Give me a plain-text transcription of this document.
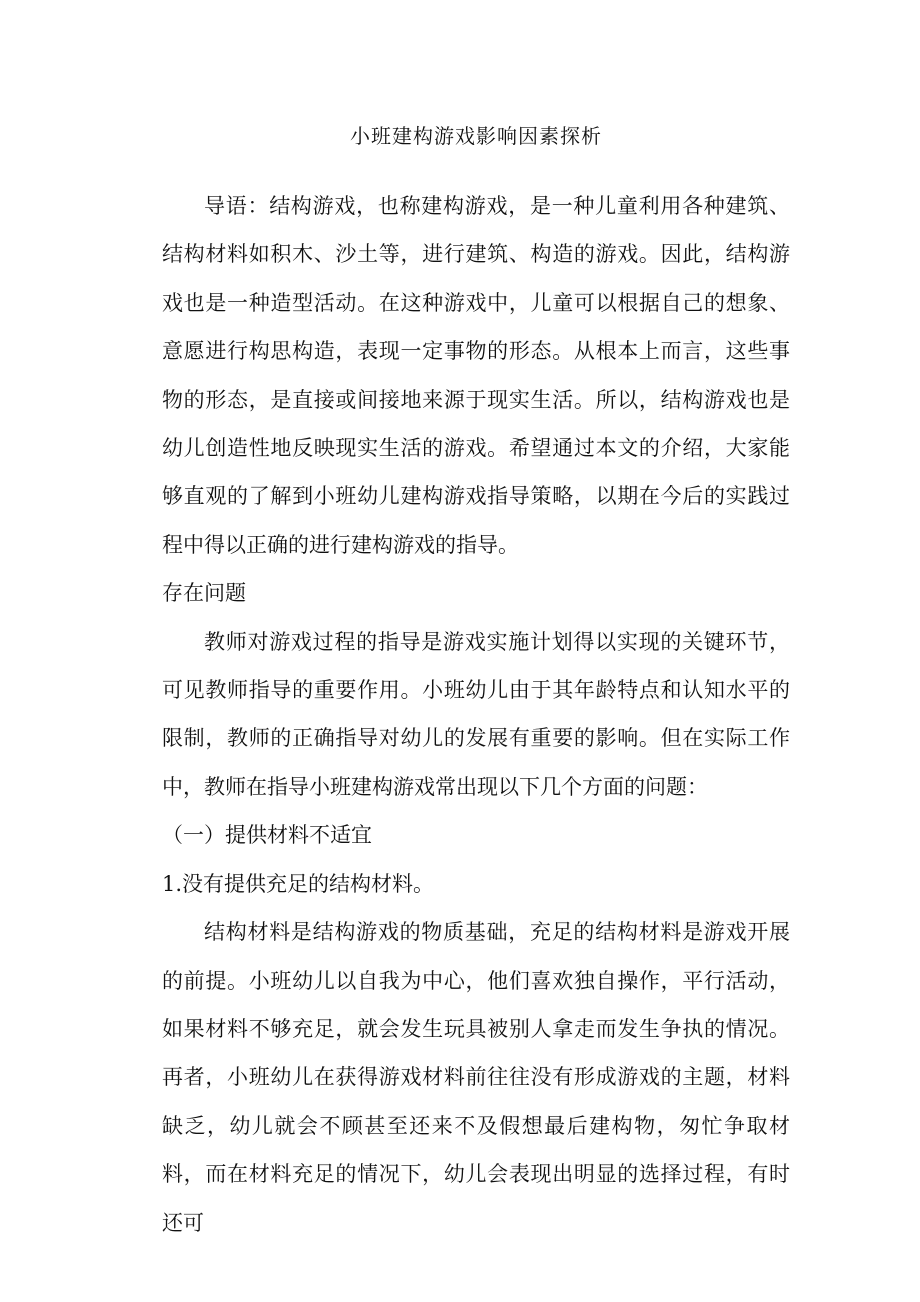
小班建构游戏影响因素探析

导语：结构游戏，也称建构游戏，是一种儿童利用各种建筑、结构材料如积木、沙土等，进行建筑、构造的游戏。因此，结构游戏也是一种造型活动。在这种游戏中，儿童可以根据自己的想象、意愿进行构思构造，表现一定事物的形态。从根本上而言，这些事物的形态，是直接或间接地来源于现实生活。所以，结构游戏也是幼儿创造性地反映现实生活的游戏。希望通过本文的介绍，大家能够直观的了解到小班幼儿建构游戏指导策略，以期在今后的实践过程中得以正确的进行建构游戏的指导。

存在问题

教师对游戏过程的指导是游戏实施计划得以实现的关键环节，可见教师指导的重要作用。小班幼儿由于其年龄特点和认知水平的限制，教师的正确指导对幼儿的发展有重要的影响。但在实际工作中，教师在指导小班建构游戏常出现以下几个方面的问题：

（一）提供材料不适宜

1.没有提供充足的结构材料。

结构材料是结构游戏的物质基础，充足的结构材料是游戏开展的前提。小班幼儿以自我为中心，他们喜欢独自操作，平行活动，如果材料不够充足，就会发生玩具被别人拿走而发生争执的情况。再者，小班幼儿在获得游戏材料前往往没有形成游戏的主题，材料缺乏，幼儿就会不顾甚至还来不及假想最后建构物，匆忙争取材料，而在材料充足的情况下，幼儿会表现出明显的选择过程，有时还可
